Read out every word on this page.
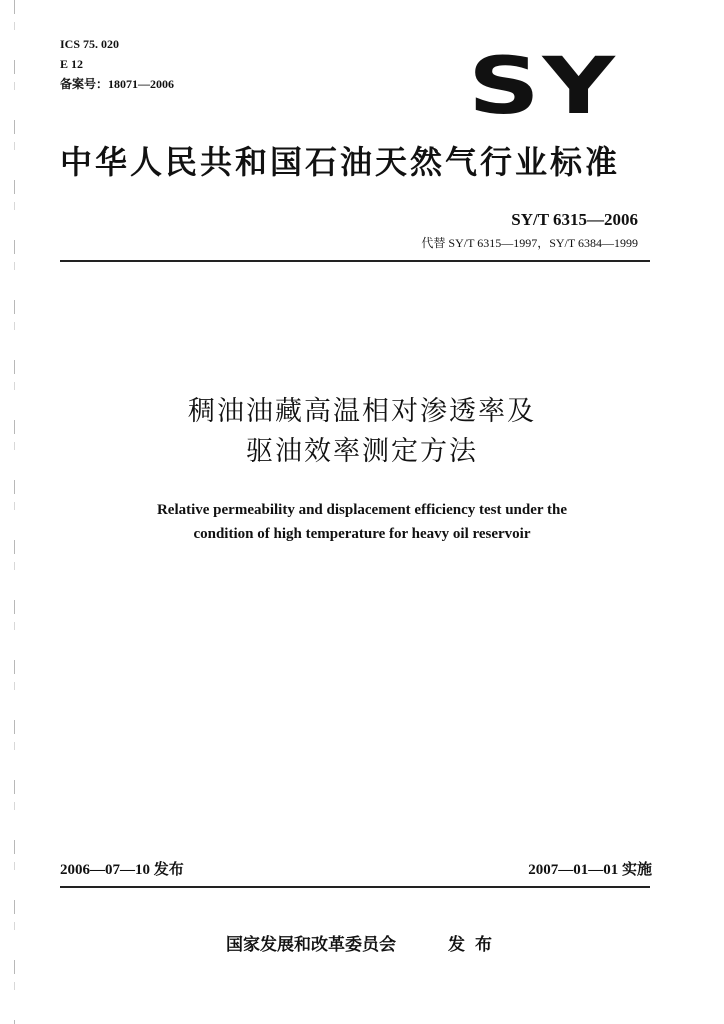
ICS 75. 020
E 12
备案号：18071—2006	SY
中华人民共和国石油天然气行业标准
SY/T 6315—2006
代替 SY/T 6315—1997，SY/T 6384—1999
稠油油藏高温相对渗透率及
驱油效率测定方法
Relative permeability and displacement efficiency test under the
condition of high temperature for heavy oil reservoir
2006—07—10 发布	2007—01—01 实施
国家发展和改革委员会	发布
